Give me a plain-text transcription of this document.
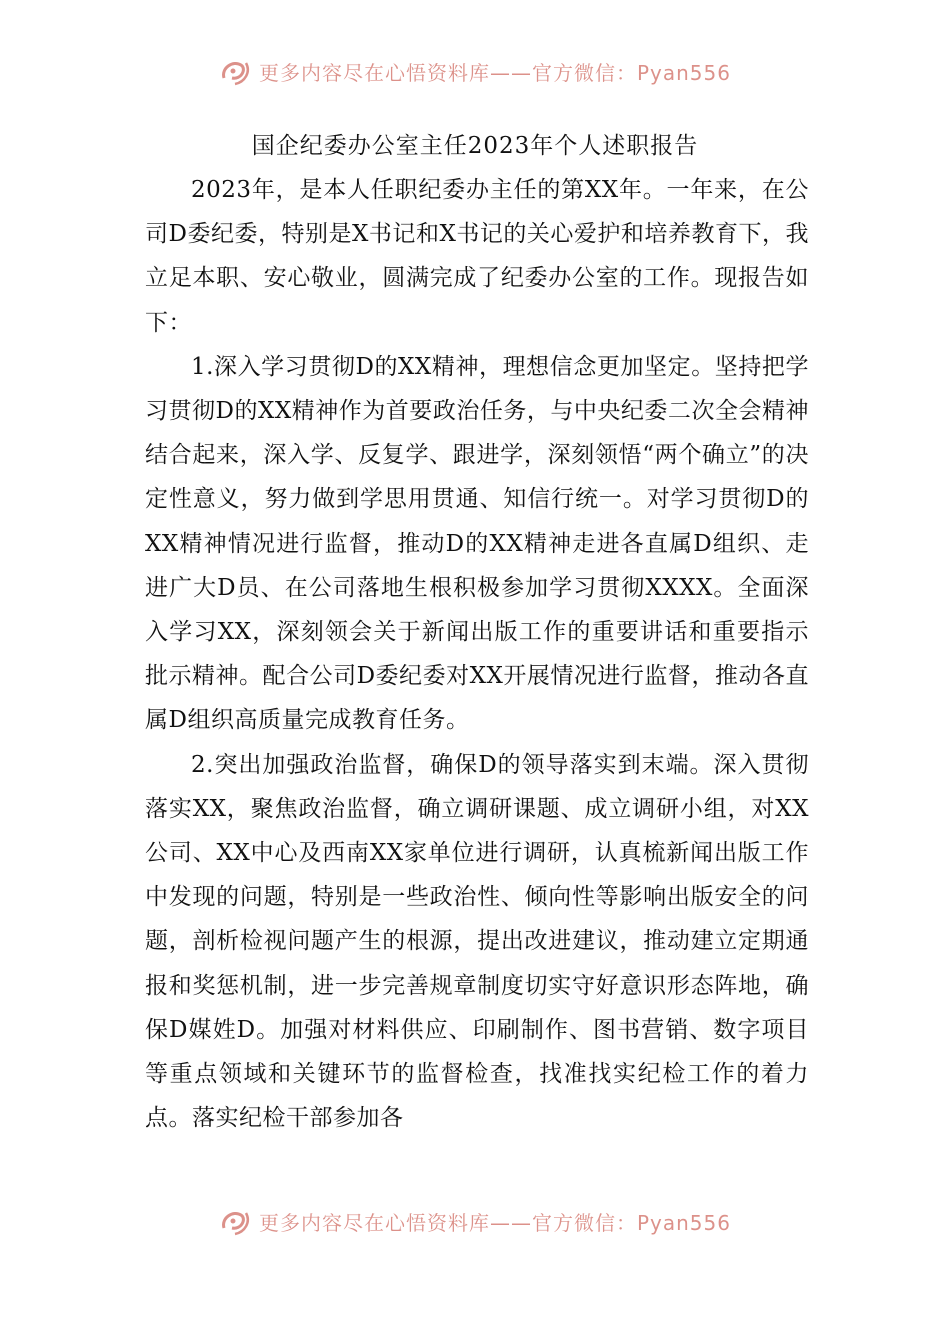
更多内容尽在心悟资料库——官方微信：Pyan556
国企纪委办公室主任2023年个人述职报告

2023年，是本人任职纪委办主任的第XX年。一年来，在公司D委纪委，特别是X书记和X书记的关心爱护和培养教育下，我立足本职、安心敬业，圆满完成了纪委办公室的工作。现报告如下：

1.深入学习贯彻D的XX精神，理想信念更加坚定。坚持把学习贯彻D的XX精神作为首要政治任务，与中央纪委二次全会精神结合起来，深入学、反复学、跟进学，深刻领悟“两个确立”的决定性意义，努力做到学思用贯通、知信行统一。对学习贯彻D的XX精神情况进行监督，推动D的XX精神走进各直属D组织、走进广大D员、在公司落地生根积极参加学习贯彻XXXX。全面深入学习XX，深刻领会关于新闻出版工作的重要讲话和重要指示批示精神。配合公司D委纪委对XX开展情况进行监督，推动各直属D组织高质量完成教育任务。

2.突出加强政治监督，确保D的领导落实到末端。深入贯彻落实XX，聚焦政治监督，确立调研课题、成立调研小组，对XX公司、XX中心及西南XX家单位进行调研，认真梳新闻出版工作中发现的问题，特别是一些政治性、倾向性等影响出版安全的问题，剖析检视问题产生的根源，提出改进建议，推动建立定期通报和奖惩机制，进一步完善规章制度切实守好意识形态阵地，确保D媒姓D。加强对材料供应、印刷制作、图书营销、数字项目等重点领域和关键环节的监督检查，找准找实纪检工作的着力点。落实纪检干部参加各

更多内容尽在心悟资料库——官方微信：Pyan556
